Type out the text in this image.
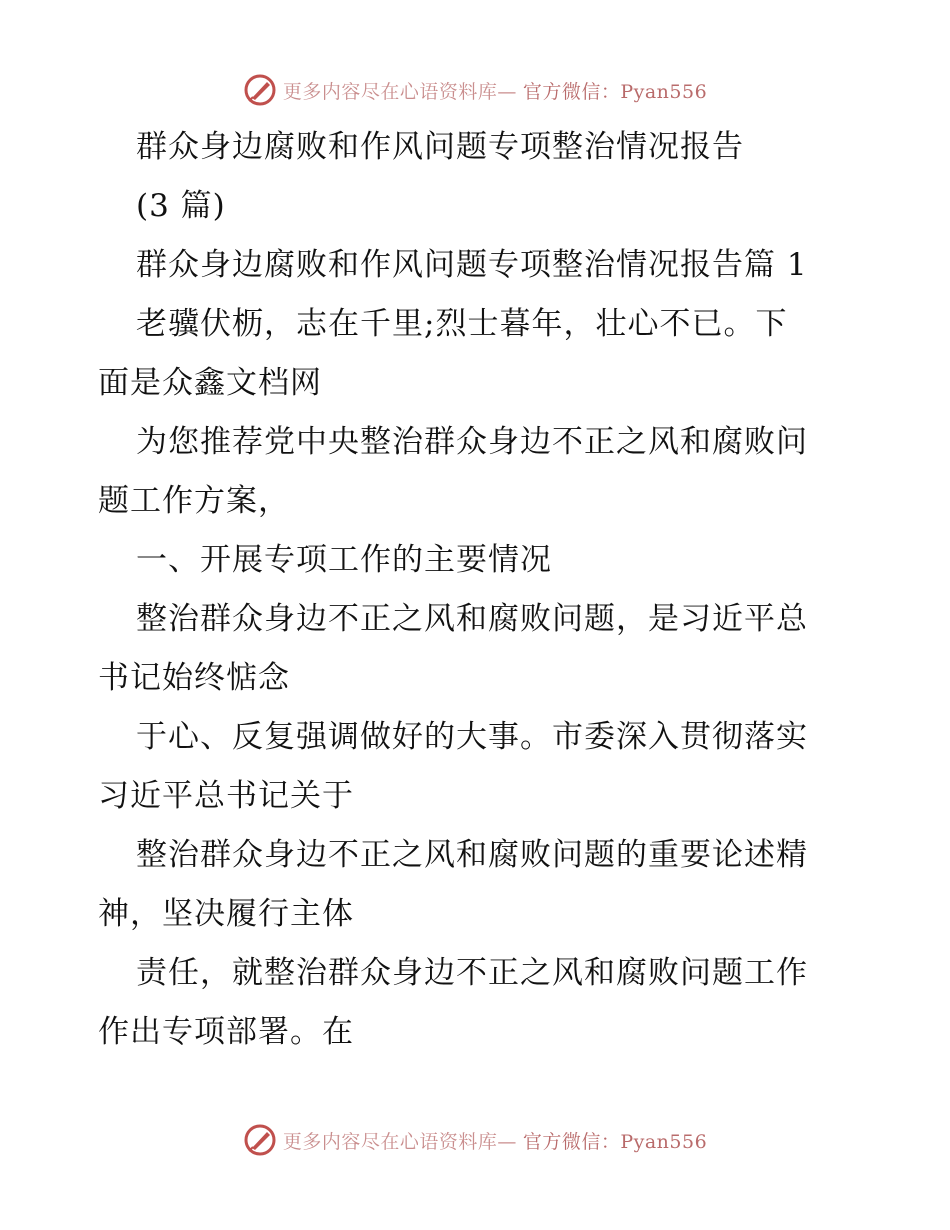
更多内容尽在心语资料库— 官方微信：Pyan556

群众身边腐败和作风问题专项整治情况报告

(3 篇)

群众身边腐败和作风问题专项整治情况报告篇 1

老骥伏枥，志在千里;烈士暮年，壮心不已。下

面是众鑫文档网

为您推荐党中央整治群众身边不正之风和腐败问

题工作方案，

一、开展专项工作的主要情况

整治群众身边不正之风和腐败问题，是习近平总

书记始终惦念

于心、反复强调做好的大事。市委深入贯彻落实

习近平总书记关于

整治群众身边不正之风和腐败问题的重要论述精

神，坚决履行主体

责任，就整治群众身边不正之风和腐败问题工作

作出专项部署。在

更多内容尽在心语资料库— 官方微信：Pyan556
